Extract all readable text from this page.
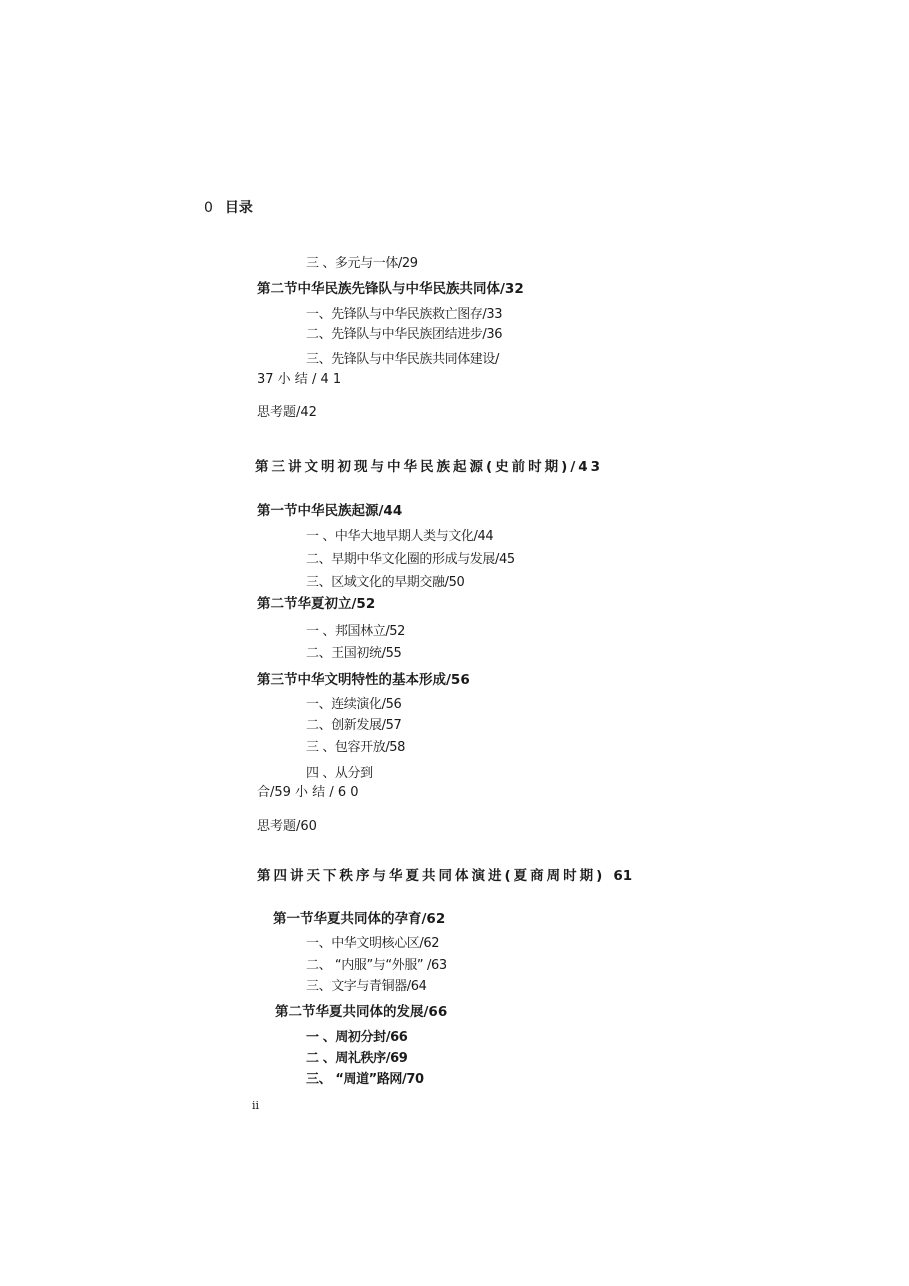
0 目录
三 、多元与一体/29
第二节中华民族先锋队与中华民族共同体/32
一、先锋队与中华民族救亡图存/33
二、先锋队与中华民族团结进步/36
三、先锋队与中华民族共同体建设/
37 小 结 / 4 1
思考题/42
第三讲文明初现与中华民族起源(史前时期)/43
第一节中华民族起源/44
一 、中华大地早期人类与文化/44
二、早期中华文化圈的形成与发展/45
三、区域文化的早期交融/50
第二节华夏初立/52
一 、邦国林立/52
二、王国初统/55
第三节中华文明特性的基本形成/56
一、连续演化/56
二、创新发展/57
三 、包容开放/58
四 、从分到
合/59 小 结 / 6 0
思考题/60
第四讲天下秩序与华夏共同体演进(夏商周时期) 61
第一节华夏共同体的孕育/62
一、中华文明核心区/62
二、 “内服”与“外服” /63
三、文字与青铜器/64
第二节华夏共同体的发展/66
一 、周初分封/66
二 、周礼秩序/69
三、 “周道”路网/70
ii
